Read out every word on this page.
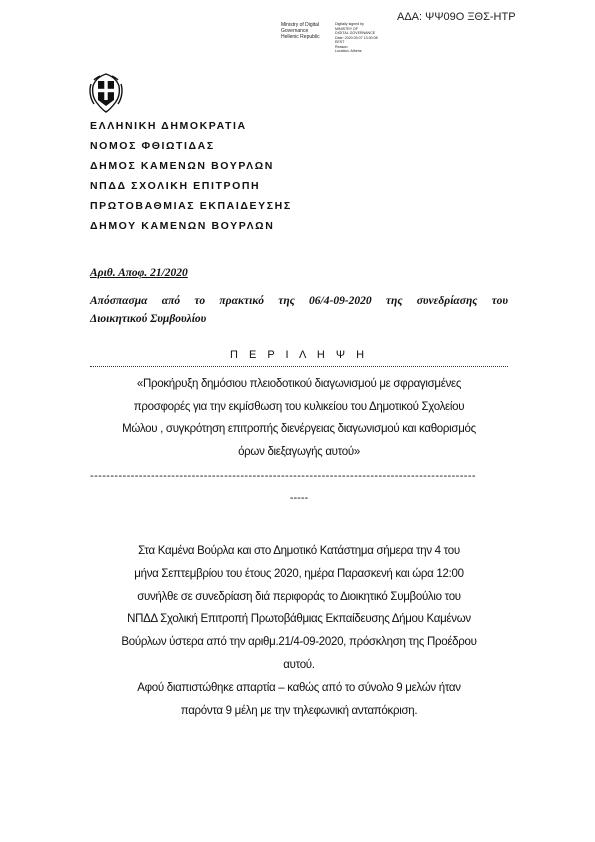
ΑΔΑ: ΨΨ09Ο ΞΘΣ-ΗΤΡ
Ministry of Digital
Governance
Hellenic Republic
Digitally signed by
MINISTRY OF
DIGITAL GOVERNANCE
Date: 2020.09.07 13:30:08
EEST
Reason:
Location: Athens
ΕΛΛΗΝΙΚΗ ΔΗΜΟΚΡΑΤΙΑ
ΝΟΜΟΣ ΦΘΙΩΤΙΔΑΣ
ΔΗΜΟΣ ΚΑΜΕΝΩΝ ΒΟΥΡΛΩΝ
ΝΠΔΔ ΣΧΟΛΙΚΗ ΕΠΙΤΡΟΠΗ
ΠΡΩΤΟΒΑΘΜΙΑΣ ΕΚΠΑΙΔΕΥΣΗΣ
ΔΗΜΟΥ ΚΑΜΕΝΩΝ ΒΟΥΡΛΩΝ
Αριθ. Αποφ. 21/2020
Απόσπασμα από το πρακτικό της 06/4-09-2020 της συνεδρίασης του
Διοικητικού Συμβουλίου
Π Ε Ρ Ι Λ Η Ψ Η
«Προκήρυξη δημόσιου πλειοδοτικού διαγωνισμού με σφραγισμένες
προσφορές για την εκμίσθωση του κυλικείου του Δημοτικού Σχολείου
Μώλου , συγκρότηση επιτροπής διενέργειας διαγωνισμού και καθορισμός
όρων διεξαγωγής αυτού»
-----------------------------------------------------------------------------------------------
-----

Στα Καμένα Βούρλα και στο Δημοτικό Κατάστημα σήμερα την 4 του

μήνα Σεπτεμβρίου του έτους 2020, ημέρα Παρασκενή και ώρα 12:00

συνήλθε σε συνεδρίαση διά περιφοράς το Διοικητικό Συμβούλιο του

ΝΠΔΔ Σχολική Επιτροπή Πρωτοβάθμιας Εκπαίδευσης Δήμου Καμένων

Βούρλων ύστερα από την αριθμ.21/4-09-2020, πρόσκληση της Προέδρου

αυτού.

Αφού διαπιστώθηκε απαρτία – καθώς από το σύνολο 9 μελών ήταν

παρόντα 9 μέλη με την τηλεφωνική ανταπόκριση.
